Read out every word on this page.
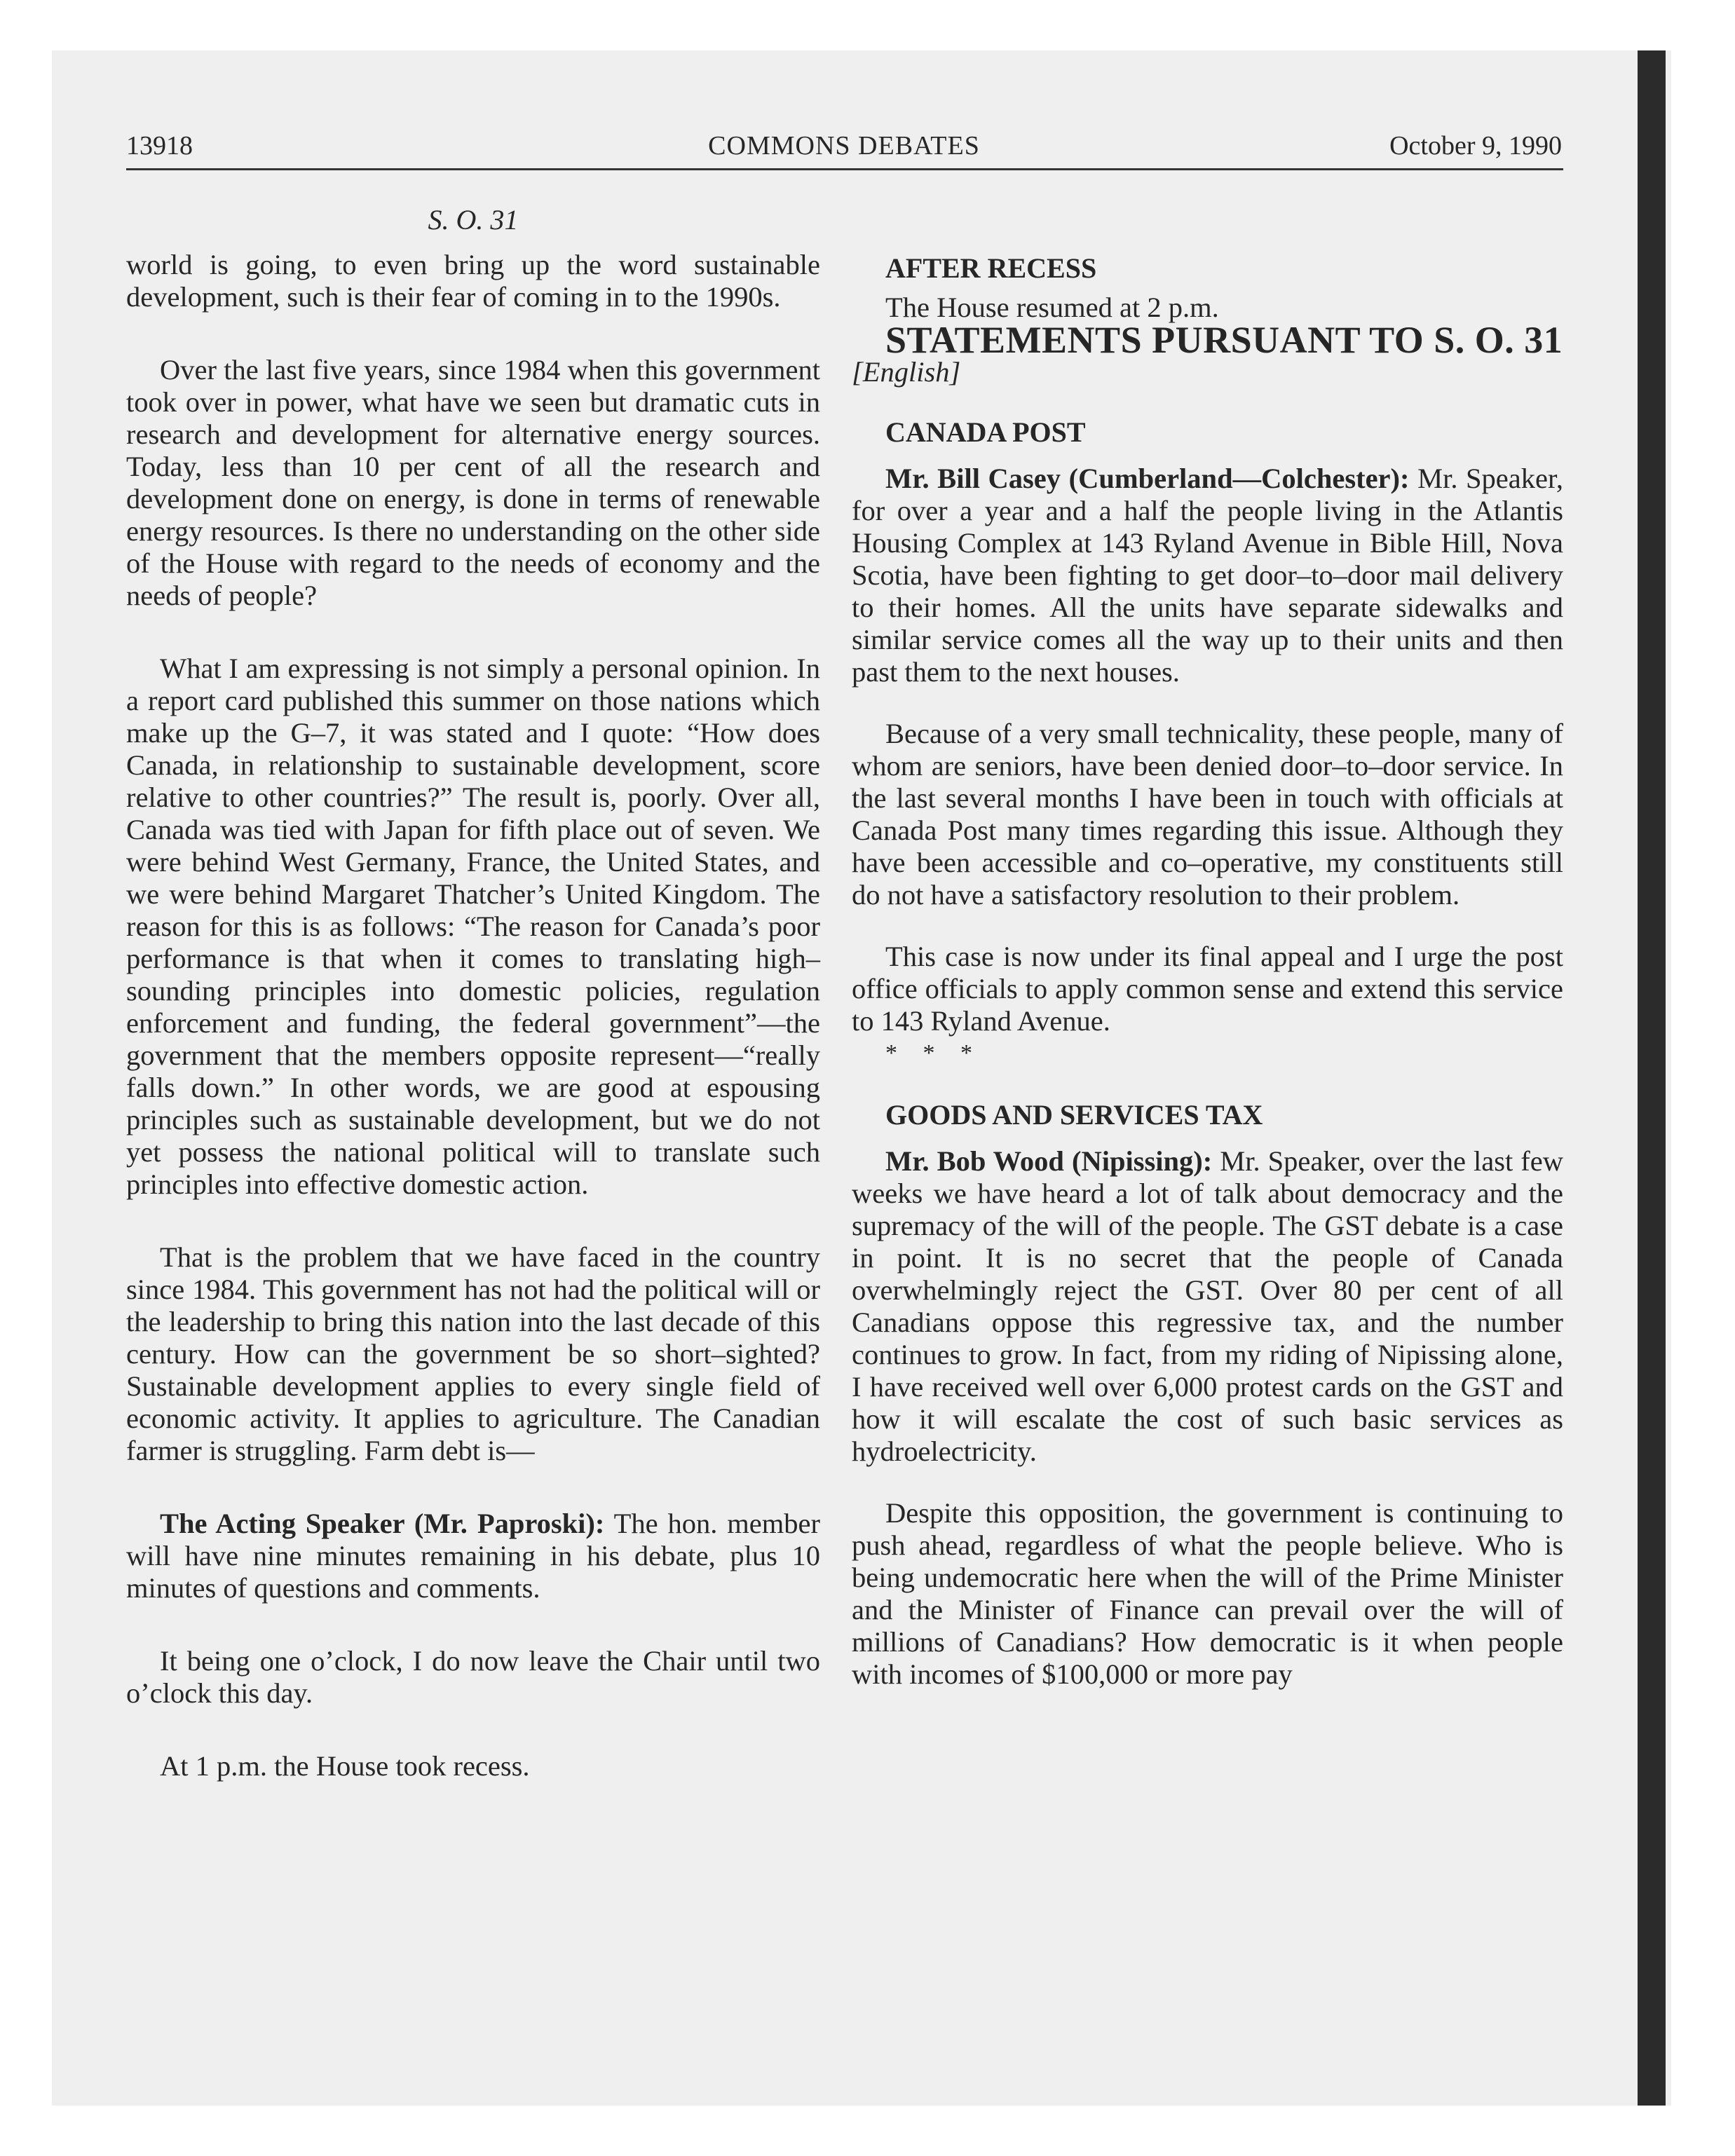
13918	COMMONS DEBATES	October 9, 1990
S. O. 31

world is going, to even bring up the word sustainable development, such is their fear of coming in to the 1990s.

Over the last five years, since 1984 when this government took over in power, what have we seen but dramatic cuts in research and development for alternative energy sources. Today, less than 10 per cent of all the research and development done on energy, is done in terms of renewable energy resources. Is there no understanding on the other side of the House with regard to the needs of economy and the needs of people?

What I am expressing is not simply a personal opinion. In a report card published this summer on those nations which make up the G–7, it was stated and I quote: “How does Canada, in relationship to sustainable development, score relative to other countries?” The result is, poorly. Over all, Canada was tied with Japan for fifth place out of seven. We were behind West Germany, France, the United States, and we were behind Margaret Thatcher’s United Kingdom. The reason for this is as follows: “The reason for Canada’s poor performance is that when it comes to translating high–sounding principles into domestic policies, regulation enforcement and funding, the federal government”—the government that the members opposite represent—“really falls down.” In other words, we are good at espousing principles such as sustainable development, but we do not yet possess the national political will to translate such principles into effective domestic action.

That is the problem that we have faced in the country since 1984. This government has not had the political will or the leadership to bring this nation into the last decade of this century. How can the government be so short–sighted? Sustainable development applies to every single field of economic activity. It applies to agriculture. The Canadian farmer is struggling. Farm debt is—

The Acting Speaker (Mr. Paproski): The hon. member will have nine minutes remaining in his debate, plus 10 minutes of questions and comments.

It being one o’clock, I do now leave the Chair until two o’clock this day.

At 1 p.m. the House took recess.

AFTER RECESS

The House resumed at 2 p.m.

STATEMENTS PURSUANT TO S. O. 31

[English]

CANADA POST

Mr. Bill Casey (Cumberland—Colchester): Mr. Speaker, for over a year and a half the people living in the Atlantis Housing Complex at 143 Ryland Avenue in Bible Hill, Nova Scotia, have been fighting to get door–to–door mail delivery to their homes. All the units have separate sidewalks and similar service comes all the way up to their units and then past them to the next houses.

Because of a very small technicality, these people, many of whom are seniors, have been denied door–to–door service. In the last several months I have been in touch with officials at Canada Post many times regarding this issue. Although they have been accessible and co–operative, my constituents still do not have a satisfactory resolution to their problem.

This case is now under its final appeal and I urge the post office officials to apply common sense and extend this service to 143 Ryland Avenue.

* * *

GOODS AND SERVICES TAX

Mr. Bob Wood (Nipissing): Mr. Speaker, over the last few weeks we have heard a lot of talk about democracy and the supremacy of the will of the people. The GST debate is a case in point. It is no secret that the people of Canada overwhelmingly reject the GST. Over 80 per cent of all Canadians oppose this regressive tax, and the number continues to grow. In fact, from my riding of Nipissing alone, I have received well over 6,000 protest cards on the GST and how it will escalate the cost of such basic services as hydroelectricity.

Despite this opposition, the government is continuing to push ahead, regardless of what the people believe. Who is being undemocratic here when the will of the Prime Minister and the Minister of Finance can prevail over the will of millions of Canadians? How democratic is it when people with incomes of $100,000 or more pay
